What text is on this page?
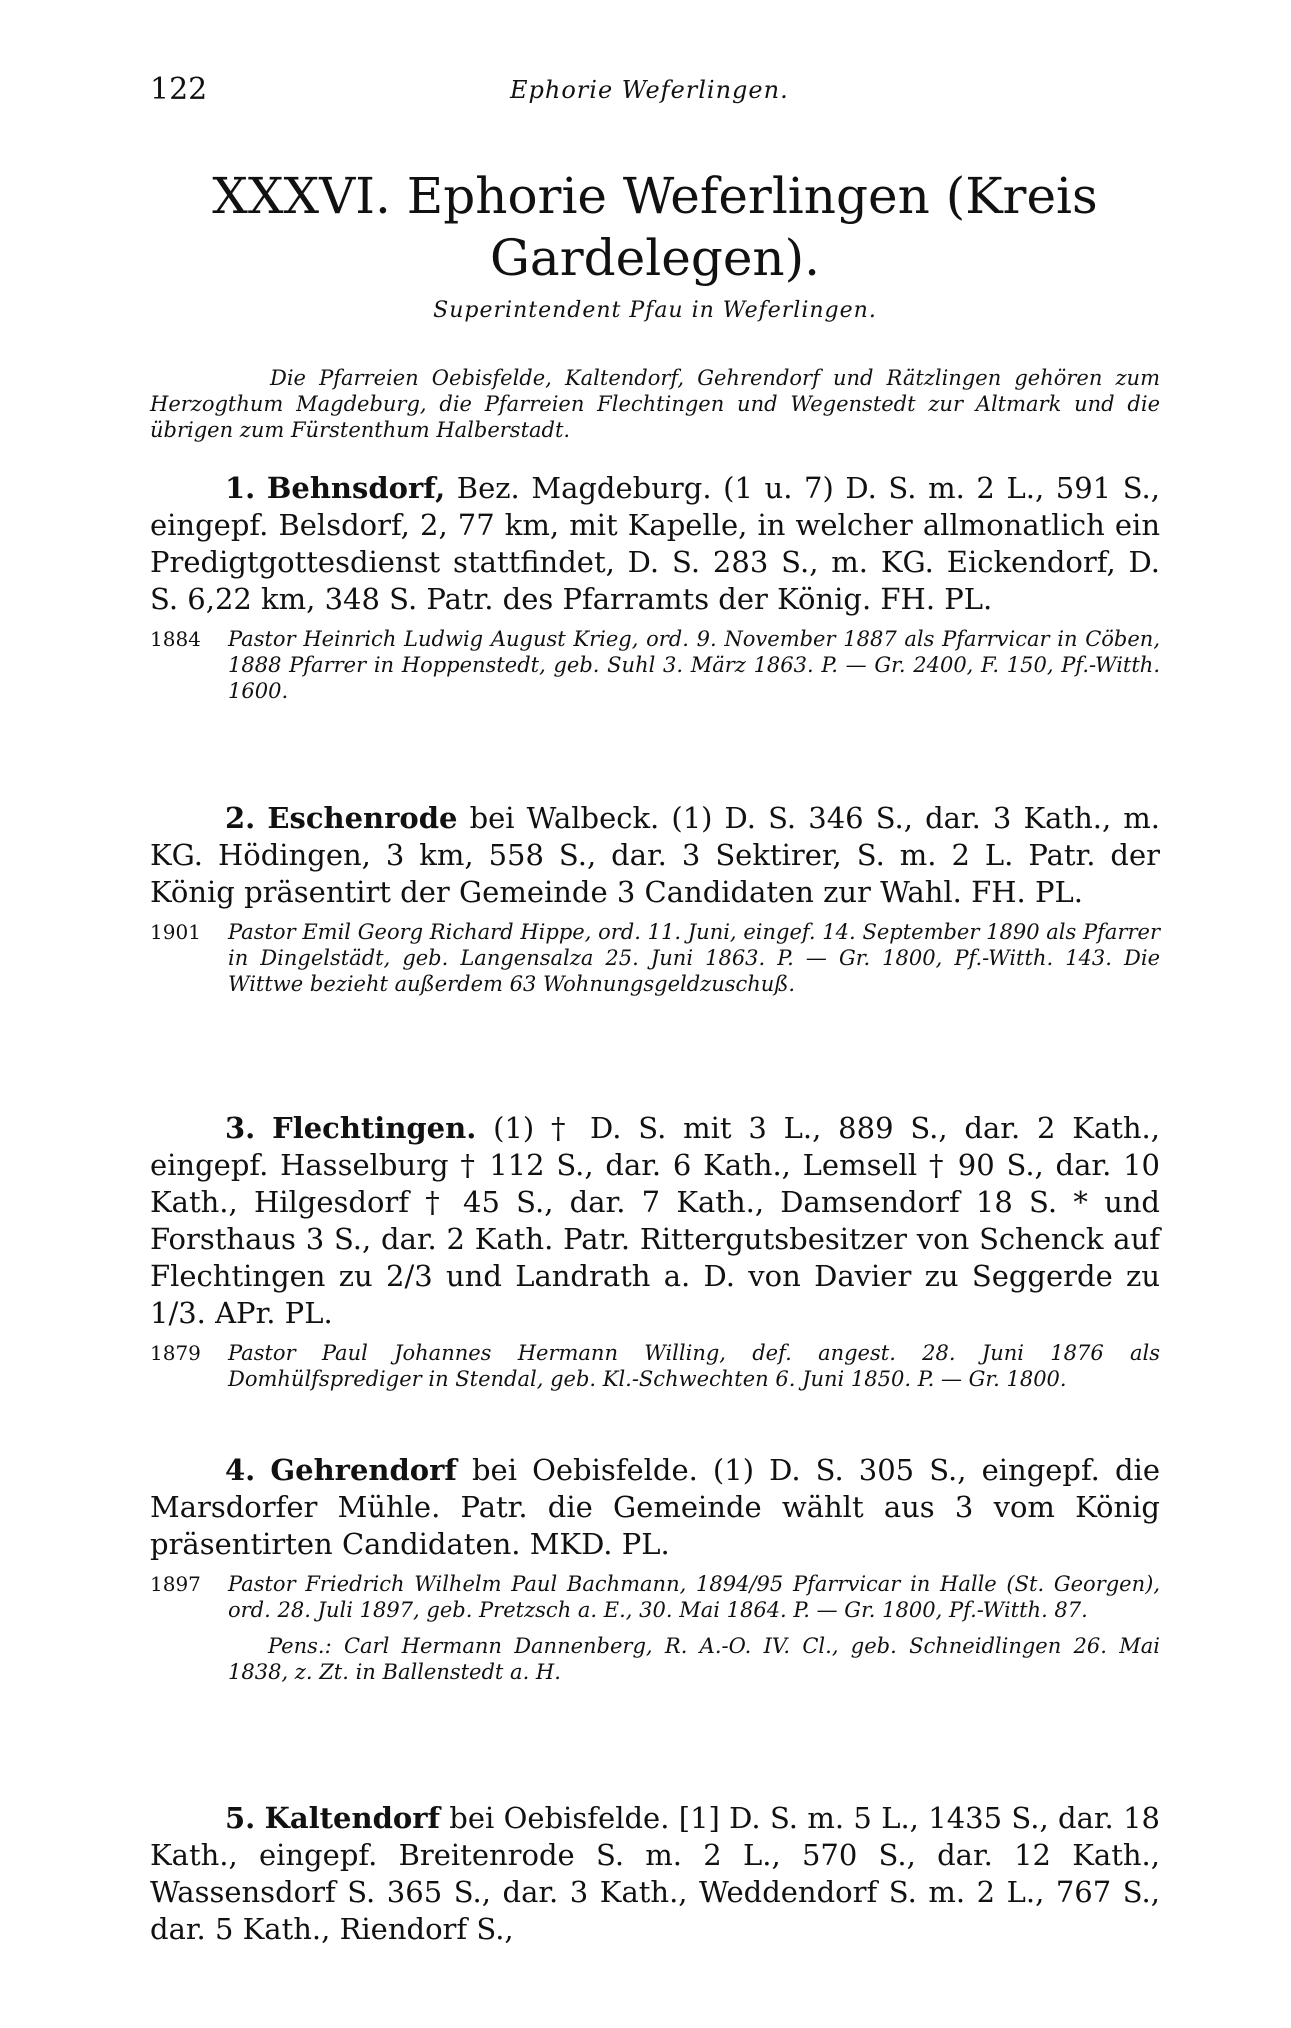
122	Ephorie Weferlingen.
XXXVI. Ephorie Weferlingen (Kreis Gardelegen).
Superintendent Pfau in Weferlingen.
Die Pfarreien Oebisfelde, Kaltendorf, Gehrendorf und Rätzlingen gehören zum Herzogthum Magdeburg, die Pfarreien Flechtingen und Wegenstedt zur Altmark und die übrigen zum Fürstenthum Halberstadt.

1. Behnsdorf, Bez. Magdeburg. (1 u. 7) D. S. m. 2 L., 591 S., eingepf. Belsdorf, 2, 77 km, mit Kapelle, in welcher allmonatlich ein Predigtgottesdienst stattfindet, D. S. 283 S., m. KG. Eickendorf, D. S. 6,22 km, 348 S. Patr. des Pfarramts der König. FH. PL.

1884	Pastor Heinrich Ludwig August Krieg, ord. 9. November 1887 als Pfarrvicar in Cöben, 1888 Pfarrer in Hoppenstedt, geb. Suhl 3. März 1863. P. — Gr. 2400, F. 150, Pf.-Witth. 1600.

2. Eschenrode bei Walbeck. (1) D. S. 346 S., dar. 3 Kath., m. KG. Hödingen, 3 km, 558 S., dar. 3 Sektirer, S. m. 2 L. Patr. der König präsentirt der Gemeinde 3 Candidaten zur Wahl. FH. PL.

1901	Pastor Emil Georg Richard Hippe, ord. 11. Juni, eingef. 14. September 1890 als Pfarrer in Dingelstädt, geb. Langensalza 25. Juni 1863. P. — Gr. 1800, Pf.-Witth. 143. Die Wittwe bezieht außerdem 63 Wohnungsgeldzuschuß.

3. Flechtingen. (1) † D. S. mit 3 L., 889 S., dar. 2 Kath., eingepf. Hasselburg † 112 S., dar. 6 Kath., Lemsell † 90 S., dar. 10 Kath., Hilgesdorf † 45 S., dar. 7 Kath., Damsendorf 18 S. * und Forsthaus 3 S., dar. 2 Kath. Patr. Rittergutsbesitzer von Schenck auf Flechtingen zu 2/3 und Landrath a. D. von Davier zu Seggerde zu 1/3. APr. PL.

1879	Pastor Paul Johannes Hermann Willing, def. angest. 28. Juni 1876 als Domhülfsprediger in Stendal, geb. Kl.-Schwechten 6. Juni 1850. P. — Gr. 1800.

4. Gehrendorf bei Oebisfelde. (1) D. S. 305 S., eingepf. die Marsdorfer Mühle. Patr. die Gemeinde wählt aus 3 vom König präsentirten Candidaten. MKD. PL.

1897	Pastor Friedrich Wilhelm Paul Bachmann, 1894/95 Pfarrvicar in Halle (St. Georgen), ord. 28. Juli 1897, geb. Pretzsch a. E., 30. Mai 1864. P. — Gr. 1800, Pf.-Witth. 87.
Pens.: Carl Hermann Dannenberg, R. A.-O. IV. Cl., geb. Schneidlingen 26. Mai 1838, z. Zt. in Ballenstedt a. H.

5. Kaltendorf bei Oebisfelde. [1] D. S. m. 5 L., 1435 S., dar. 18 Kath., eingepf. Breitenrode S. m. 2 L., 570 S., dar. 12 Kath., Wassensdorf S. 365 S., dar. 3 Kath., Weddendorf S. m. 2 L., 767 S., dar. 5 Kath., Riendorf S.,
